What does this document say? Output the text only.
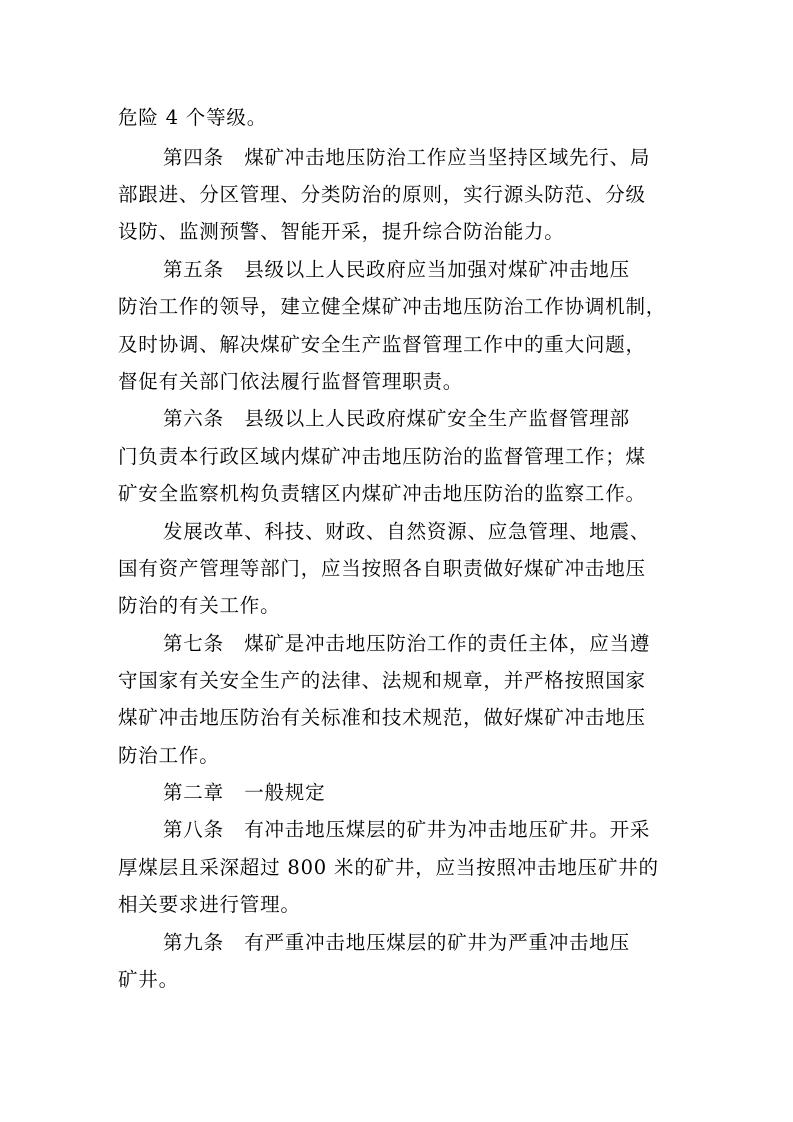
危险 4 个等级。
第四条　煤矿冲击地压防治工作应当坚持区域先行、局
部跟进、分区管理、分类防治的原则，实行源头防范、分级
设防、监测预警、智能开采，提升综合防治能力。
第五条　县级以上人民政府应当加强对煤矿冲击地压
防治工作的领导，建立健全煤矿冲击地压防治工作协调机制，
及时协调、解决煤矿安全生产监督管理工作中的重大问题，
督促有关部门依法履行监督管理职责。
第六条　县级以上人民政府煤矿安全生产监督管理部
门负责本行政区域内煤矿冲击地压防治的监督管理工作；煤
矿安全监察机构负责辖区内煤矿冲击地压防治的监察工作。
发展改革、科技、财政、自然资源、应急管理、地震、
国有资产管理等部门，应当按照各自职责做好煤矿冲击地压
防治的有关工作。
第七条　煤矿是冲击地压防治工作的责任主体，应当遵
守国家有关安全生产的法律、法规和规章，并严格按照国家
煤矿冲击地压防治有关标准和技术规范，做好煤矿冲击地压
防治工作。
第二章　一般规定
第八条　有冲击地压煤层的矿井为冲击地压矿井。开采
厚煤层且采深超过 800 米的矿井，应当按照冲击地压矿井的
相关要求进行管理。
第九条　有严重冲击地压煤层的矿井为严重冲击地压
矿井。
